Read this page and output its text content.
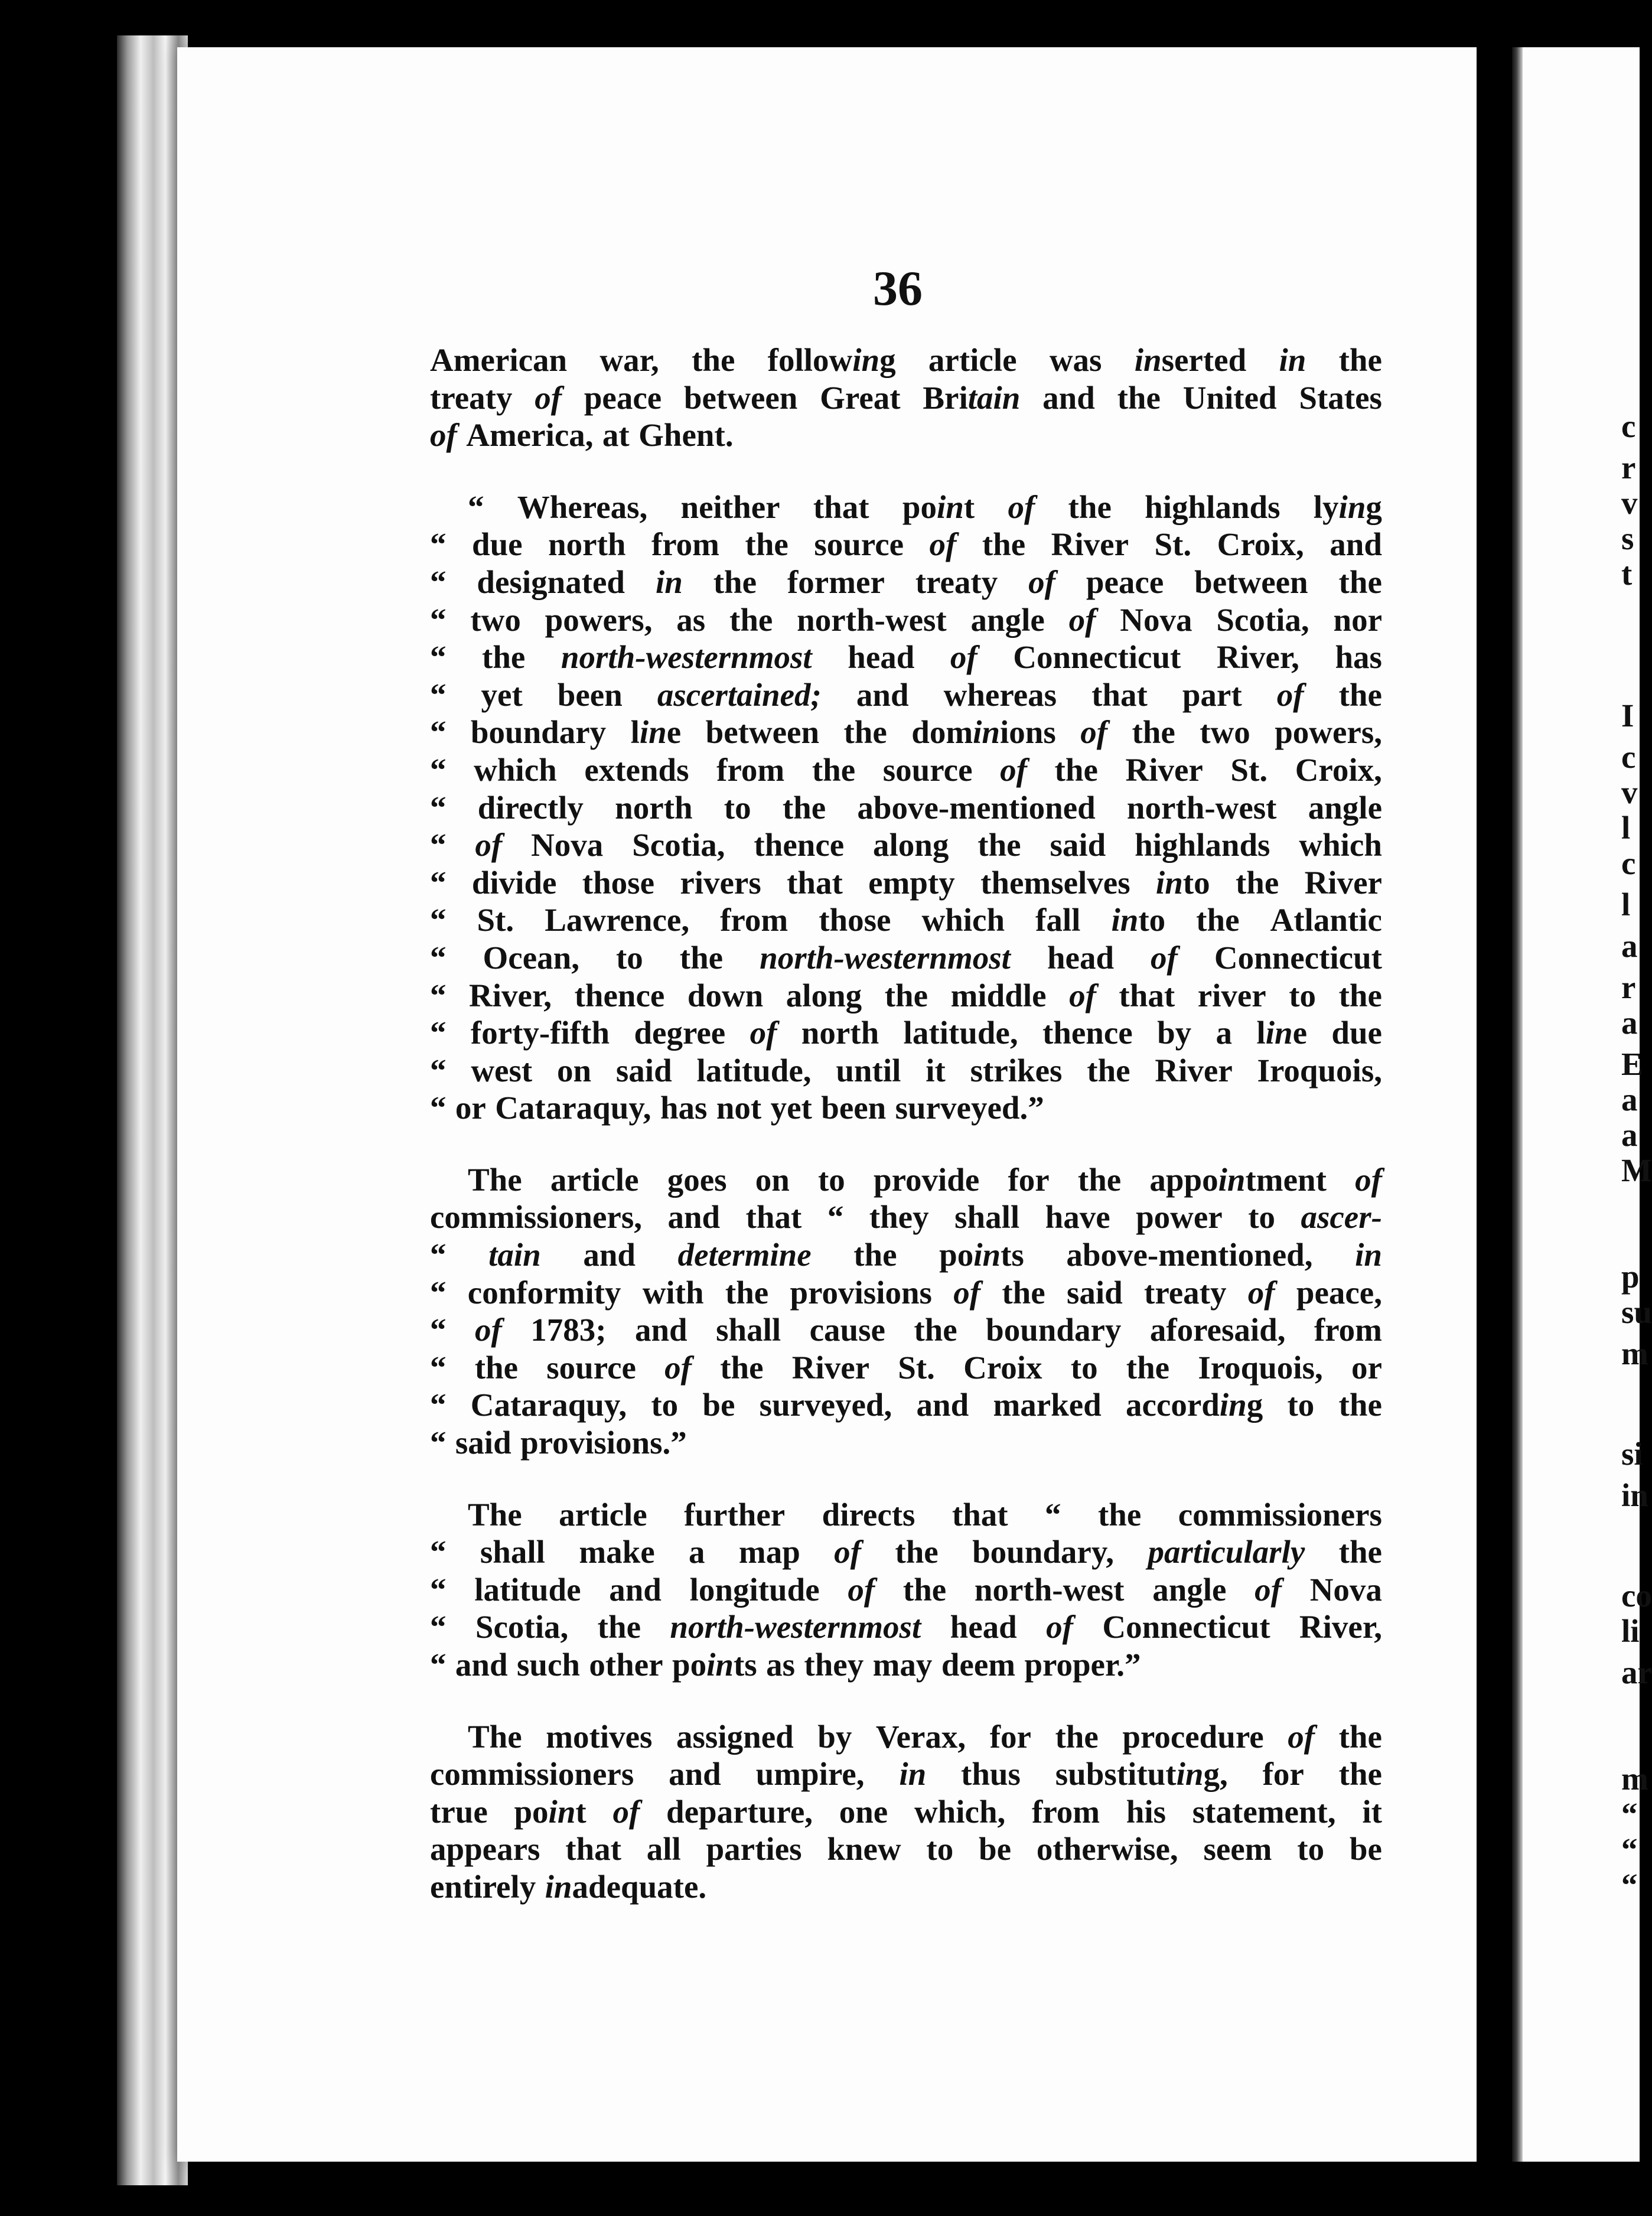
36
American war, the following article was inserted in the
treaty of peace between Great Britain and the United States
of America, at Ghent.
“ Whereas, neither that point of the highlands lying
“ due north from the source of the River St. Croix, and
“ designated in the former treaty of peace between the
“ two powers, as the north-west angle of Nova Scotia, nor
“ the north-westernmost head of Connecticut River, has
“ yet been ascertained; and whereas that part of the
“ boundary line between the dominions of the two powers,
“ which extends from the source of the River St. Croix,
“ directly north to the above-mentioned north-west angle
“ of Nova Scotia, thence along the said highlands which
“ divide those rivers that empty themselves into the River
“ St. Lawrence, from those which fall into the Atlantic
“ Ocean, to the north-westernmost head of Connecticut
“ River, thence down along the middle of that river to the
“ forty-fifth degree of north latitude, thence by a line due
“ west on said latitude, until it strikes the River Iroquois,
“ or Cataraquy, has not yet been surveyed.”
The article goes on to provide for the appointment of
commissioners, and that “ they shall have power to ascer-
“ tain and determine the points above-mentioned, in
“ conformity with the provisions of the said treaty of peace,
“ of 1783; and shall cause the boundary aforesaid, from
“ the source of the River St. Croix to the Iroquois, or
“ Cataraquy, to be surveyed, and marked according to the
“ said provisions.”
The article further directs that “ the commissioners
“ shall make a map of the boundary, particularly the
“ latitude and longitude of the north-west angle of Nova
“ Scotia, the north-westernmost head of Connecticut River,
“ and such other points as they may deem proper.”
The motives assigned by Verax, for the procedure of the
commissioners and umpire, in thus substituting, for the
true point of departure, one which, from his statement, it
appears that all parties knew to be otherwise, seem to be
entirely inadequate.
c
r
v
s
t
I
c
v
l
c
l
a
r
a
E
a
a
M
p
su
m
si
in
co
li
ar
m
“
“
“
